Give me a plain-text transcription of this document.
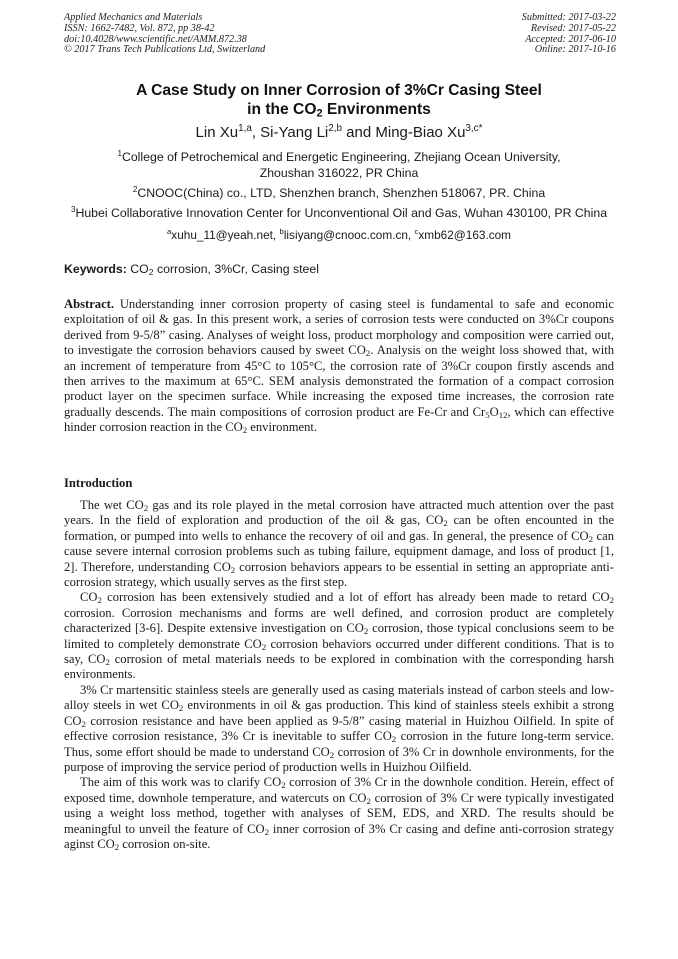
Applied Mechanics and Materials
ISSN: 1662-7482, Vol. 872, pp 38-42
doi:10.4028/www.scientific.net/AMM.872.38
© 2017 Trans Tech Publications Ltd, Switzerland
Submitted: 2017-03-22
Revised: 2017-05-22
Accepted: 2017-06-10
Online: 2017-10-16
A Case Study on Inner Corrosion of 3%Cr Casing Steel
in the $CO_2$ Environments
Lin Xu$^{1,a}$, Si-Yang Li$^{2,b}$ and Ming-Biao $Xu^{3,c*}$
$^1$College of Petrochemical and Energetic Engineering, Zhejiang Ocean University,
Zhoushan 316022, PR China
$^2$CNOOC(China) co., LTD, Shenzhen branch, Shenzhen 518067, PR. China
$^3$Hubei Collaborative Innovation Center for Unconventional Oil and Gas, Wuhan 430100, PR China
$^a$xuhu_11@yeah.net, $^b$lisiyang@cnooc.com.cn, $^c$xmb62@163.com
Keywords: $CO_2$ corrosion, 3%Cr, Casing steel
Abstract. Understanding inner corrosion property of casing steel is fundamental to safe and economic exploitation of oil & gas. In this present work, a series of corrosion tests were conducted on 3%Cr coupons derived from 9-5/8” casing. Analyses of weight loss, product morphology and composition were carried out, to investigate the corrosion behaviors caused by sweet $CO_2$. Analysis on the weight loss showed that, with an increment of temperature from 45°C to 105°C, the corrosion rate of 3%Cr coupon firstly ascends and then arrives to the maximum at 65°C. SEM analysis demonstrated the formation of a compact corrosion product layer on the specimen surface. While increasing the exposed time increases, the corrosion rate gradually descends. The main compositions of corrosion product are Fe-Cr and $Cr_5O_{12}$, which can effective hinder corrosion reaction in the $CO_2$ environment.
Introduction

The wet $CO_2$ gas and its role played in the metal corrosion have attracted much attention over the past years. In the field of exploration and production of the oil & gas, $CO_2$ can be often encounted in the formation, or pumped into wells to enhance the recovery of oil and gas. In general, the presence of $CO_2$ can cause severe internal corrosion problems such as tubing failure, equipment damage, and loss of product [1, 2]. Therefore, understanding $CO_2$ corrosion behaviors appears to be essential in setting an appropriate anti-corrosion strategy, which usually serves as the first step.

$CO_2$ corrosion has been extensively studied and a lot of effort has already been made to retard $CO_2$ corrosion. Corrosion mechanisms and forms are well defined, and corrosion product are completely characterized [3-6]. Despite extensive investigation on $CO_2$ corrosion, those typical conclusions seem to be limited to completely demonstrate $CO_2$ corrosion behaviors occurred under different conditions. That is to say, $CO_2$ corrosion of metal materials needs to be explored in combination with the corresponding harsh environments.

3% Cr martensitic stainless steels are generally used as casing materials instead of carbon steels and low-alloy steels in wet $CO_2$ environments in oil & gas production. This kind of stainless steels exhibit a strong $CO_2$ corrosion resistance and have been applied as 9-5/8” casing material in Huizhou Oilfield. In spite of effective corrosion resistance, 3% Cr is inevitable to suffer $CO_2$ corrosion in the future long-term service. Thus, some effort should be made to understand $CO_2$ corrosion of 3% Cr in downhole environments, for the purpose of improving the service period of production wells in Huizhou Oilfield.

The aim of this work was to clarify $CO_2$ corrosion of 3% Cr in the downhole condition. Herein, effect of exposed time, downhole temperature, and watercuts on $CO_2$ corrosion of 3% Cr were typically investigated using a weight loss method, together with analyses of SEM, EDS, and XRD. The results should be meaningful to unveil the feature of $CO_2$ inner corrosion of 3% Cr casing and define anti-corrosion strategy aginst $CO_2$ corrosion on-site.
